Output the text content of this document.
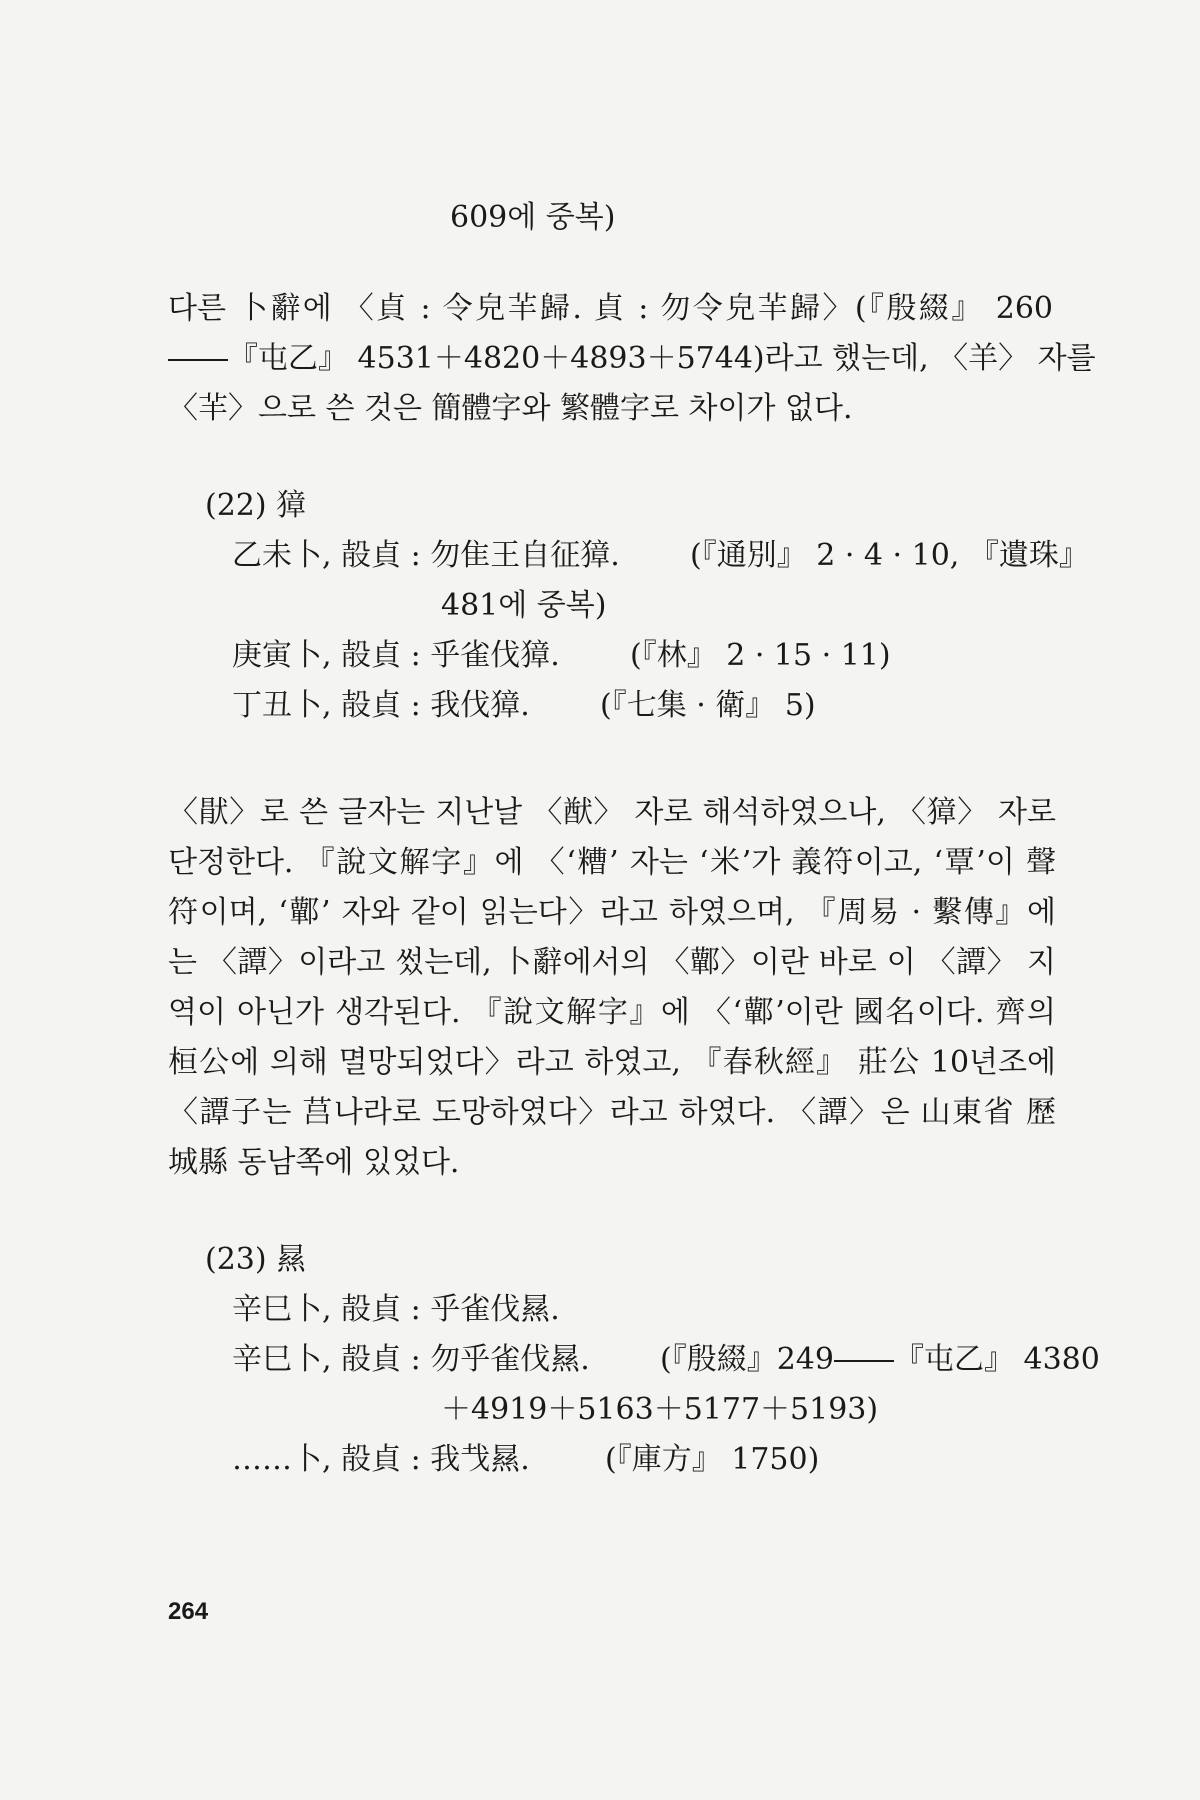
609에 중복)
다른 卜辭에 〈貞 : 令皃𦍋歸. 貞 : 勿令皃𦍋歸〉(『殷綴』 260
――『屯乙』 4531＋4820＋4893＋5744)라고 했는데, 〈羊〉 자를
〈𦍋〉으로 쓴 것은 簡體字와 繁體字로 차이가 없다.
(22) 獐
乙未卜, 㱿貞 : 勿隹王自征獐. (『通別』 2 · 4 · 10, 『遺珠』
481에 중복)
庚寅卜, 㱿貞 : 乎雀伐獐. (『林』 2 · 15 · 11)
丁丑卜, 㱿貞 : 我伐獐. (『七集 · 衛』 5)
〈猒〉로 쓴 글자는 지난날 〈猷〉 자로 해석하였으나, 〈獐〉 자로
단정한다. 『說文解字』에 〈‘糟’ 자는 ‘米’가 義符이고, ‘覃’이 聲
符이며, ‘鄿’ 자와 같이 읽는다〉라고 하였으며, 『周易 · 繫傳』에
는 〈譚〉이라고 썼는데, 卜辭에서의 〈鄿〉이란 바로 이 〈譚〉 지
역이 아닌가 생각된다. 『說文解字』에 〈‘鄿’이란 國名이다. 齊의
桓公에 의해 멸망되었다〉라고 하였고, 『春秋經』 莊公 10년조에
〈譚子는 莒나라로 도망하였다〉라고 하였다. 〈譚〉은 山東省 歷
城縣 동남쪽에 있었다.
(23) 㬎
辛巳卜, 㱿貞 : 乎雀伐㬎.
辛巳卜, 㱿貞 : 勿乎雀伐㬎. (『殷綴』249――『屯乙』 4380
＋4919＋5163＋5177＋5193)
……卜, 㱿貞 : 我𢦏㬎.	(『庫方』 1750)
264
